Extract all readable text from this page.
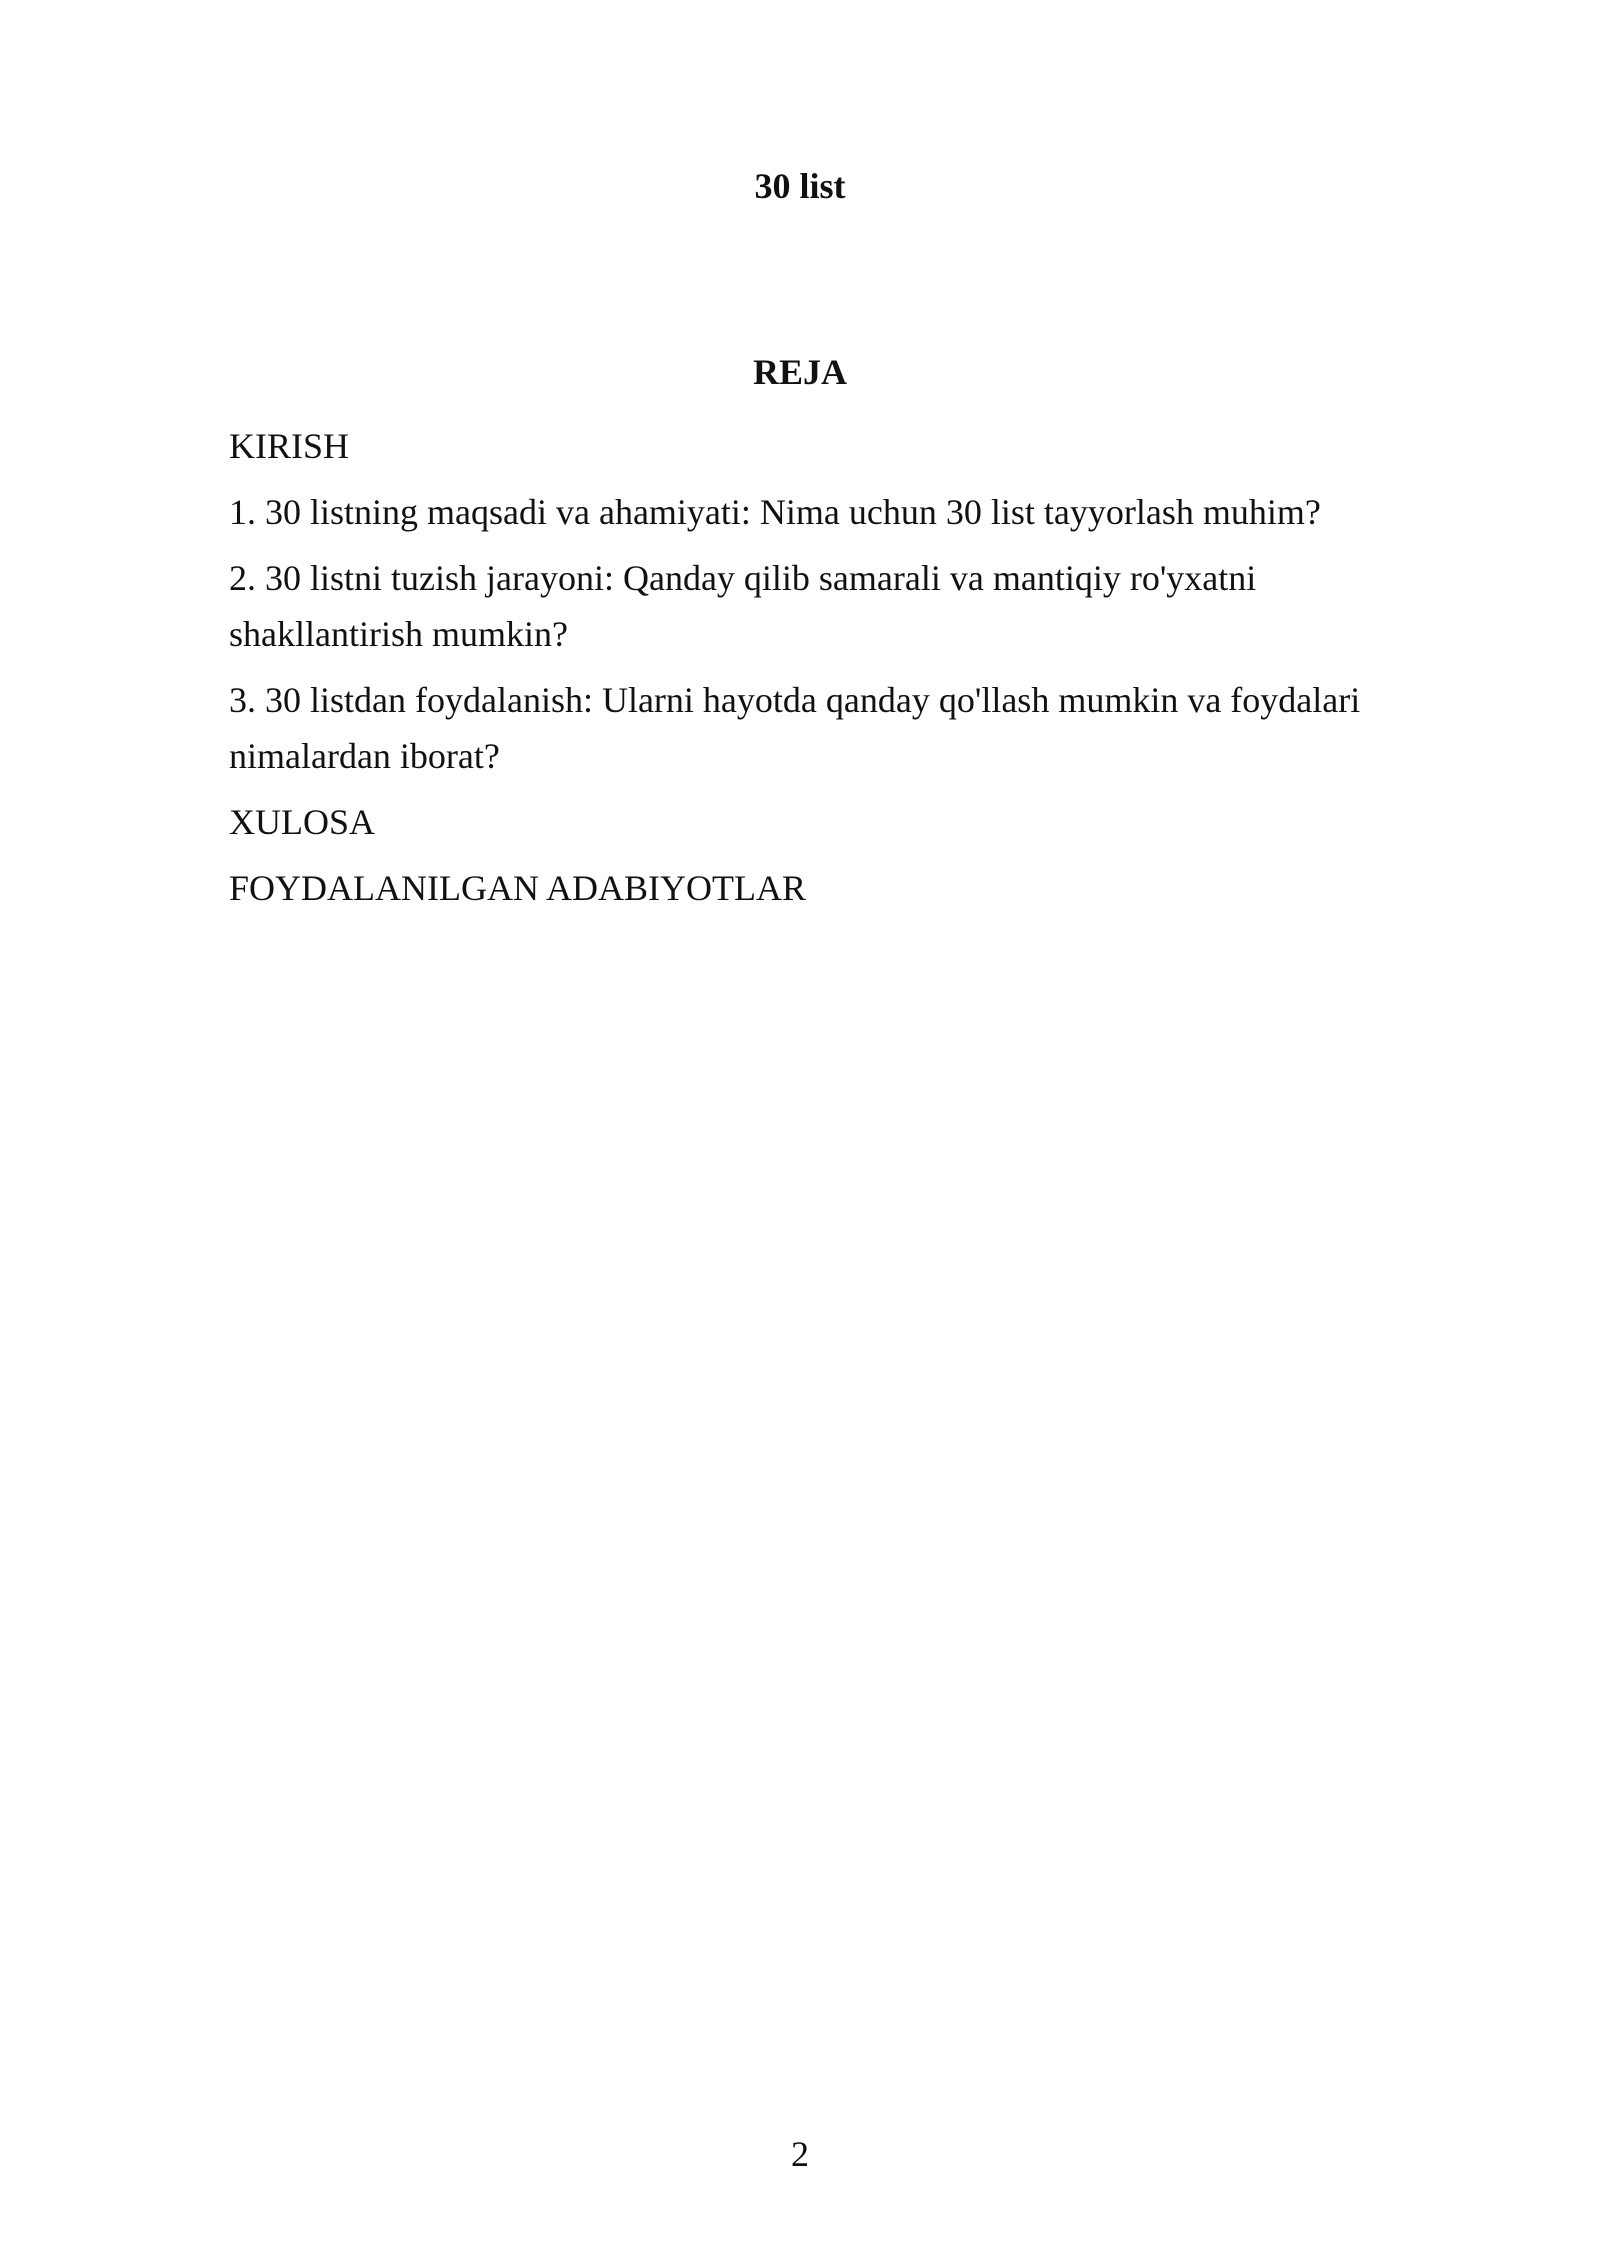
30 list
REJA

KIRISH

1. 30 listning maqsadi va ahamiyati: Nima uchun 30 list tayyorlash muhim?

2. 30 listni tuzish jarayoni: Qanday qilib samarali va mantiqiy ro'yxatni shakllantirish mumkin?

3. 30 listdan foydalanish: Ularni hayotda qanday qo'llash mumkin va foydalari nimalardan iborat?

XULOSA

FOYDALANILGAN ADABIYOTLAR

2
